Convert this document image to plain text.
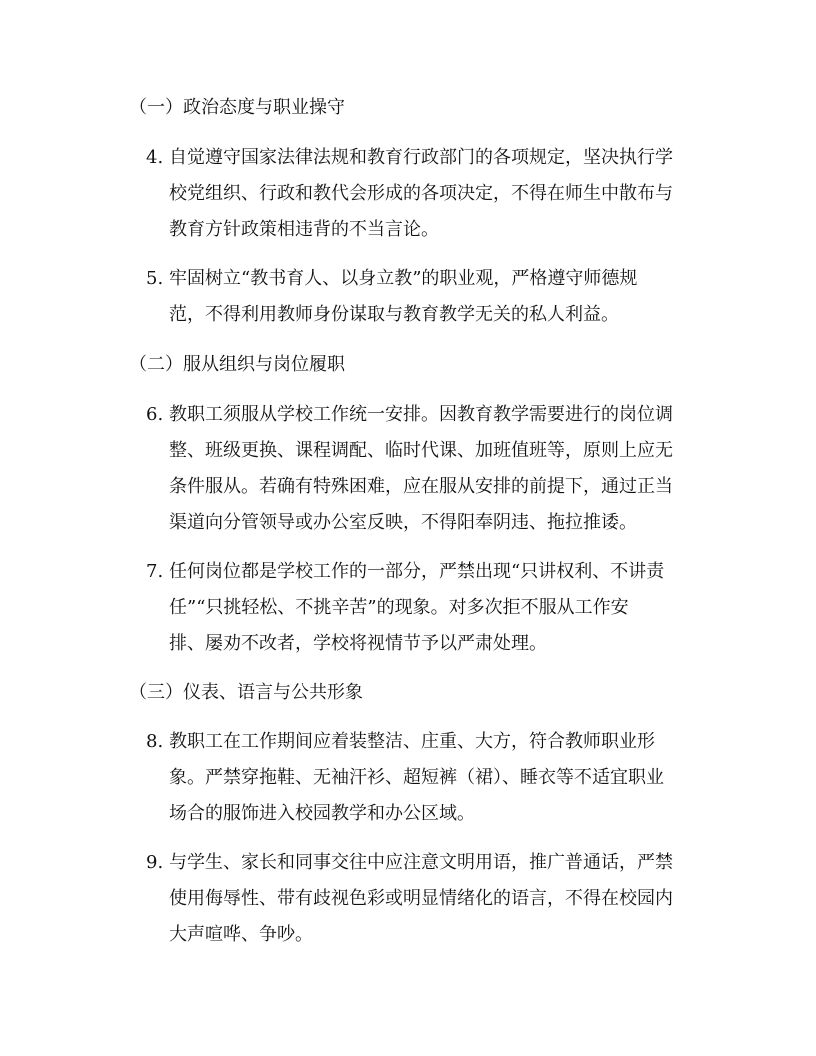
（一）政治态度与职业操守
4. 自觉遵守国家法律法规和教育行政部门的各项规定，坚决执行学
校党组织、行政和教代会形成的各项决定，不得在师生中散布与
教育方针政策相违背的不当言论。
5. 牢固树立“教书育人、以身立教”的职业观，严格遵守师德规
范，不得利用教师身份谋取与教育教学无关的私人利益。
（二）服从组织与岗位履职
6. 教职工须服从学校工作统一安排。因教育教学需要进行的岗位调
整、班级更换、课程调配、临时代课、加班值班等，原则上应无
条件服从。若确有特殊困难，应在服从安排的前提下，通过正当
渠道向分管领导或办公室反映，不得阳奉阴违、拖拉推诿。
7. 任何岗位都是学校工作的一部分，严禁出现“只讲权利、不讲责
任”“只挑轻松、不挑辛苦”的现象。对多次拒不服从工作安
排、屡劝不改者，学校将视情节予以严肃处理。
（三）仪表、语言与公共形象
8. 教职工在工作期间应着装整洁、庄重、大方，符合教师职业形
象。严禁穿拖鞋、无袖汗衫、超短裤（裙）、睡衣等不适宜职业
场合的服饰进入校园教学和办公区域。
9. 与学生、家长和同事交往中应注意文明用语，推广普通话，严禁
使用侮辱性、带有歧视色彩或明显情绪化的语言，不得在校园内
大声喧哗、争吵。
